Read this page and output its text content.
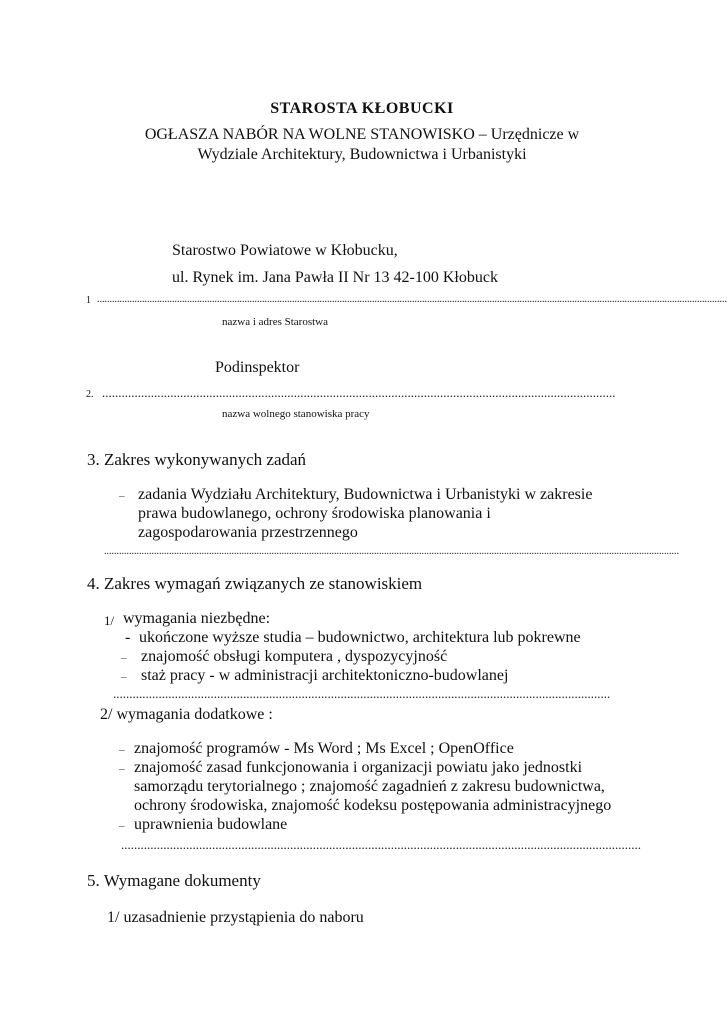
STAROSTA KŁOBUCKI
OGŁASZA NABÓR NA WOLNE STANOWISKO – Urzędnicze w
Wydziale Architektury, Budownictwa i Urbanistyki
Starostwo Powiatowe w Kłobucku,
ul. Rynek im. Jana Pawła II Nr 13 42-100 Kłobuck
1 ............................................................................................................................................................................................................................................................
nazwa i adres Starostwa
Podinspektor
2. ..............................................................................................................................................................
nazwa wolnego stanowiska pracy
3. Zakres wykonywanych zadań
– zadania Wydziału Architektury, Budownictwa i Urbanistyki w zakresie
prawa budowlanego, ochrony środowiska planowania i
zagospodarowania przestrzennego
......................................................................................................................................................................................................................................
4. Zakres wymagań związanych ze stanowiskiem
1/ wymagania niezbędne:
- ukończone wyższe studia – budownictwo, architektura lub pokrewne
– znajomość obsługi komputera , dyspozycyjność
– staż pracy - w administracji architektoniczno-budowlanej
.........................................................................................................................................................
2/ wymagania dodatkowe :
– znajomość programów - Ms Word ; Ms Excel ; OpenOffice
– znajomość zasad funkcjonowania i organizacji powiatu jako jednostki
samorządu terytorialnego ; znajomość zagadnień z zakresu budownictwa,
ochrony środowiska, znajomość kodeksu postępowania administracyjnego
– uprawnienia budowlane
................................................................................................................................................................
5. Wymagane dokumenty
1/ uzasadnienie przystąpienia do naboru
